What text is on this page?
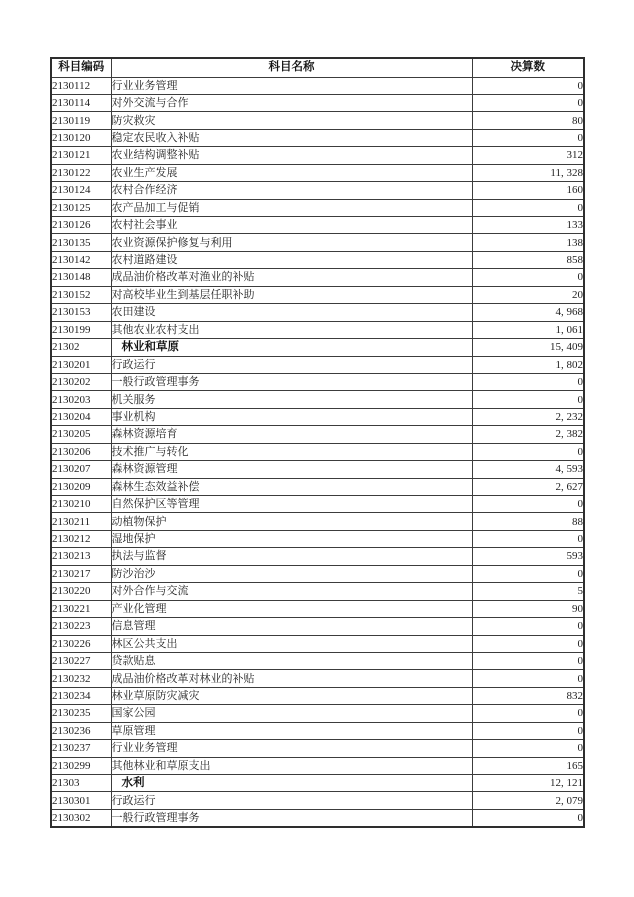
科目编码	科目名称	决算数
2130112	行业业务管理	0
2130114	对外交流与合作	0
2130119	防灾救灾	80
2130120	稳定农民收入补贴	0
2130121	农业结构调整补贴	312
2130122	农业生产发展	11, 328
2130124	农村合作经济	160
2130125	农产品加工与促销	0
2130126	农村社会事业	133
2130135	农业资源保护修复与利用	138
2130142	农村道路建设	858
2130148	成品油价格改革对渔业的补贴	0
2130152	对高校毕业生到基层任职补助	20
2130153	农田建设	4, 968
2130199	其他农业农村支出	1, 061
21302	林业和草原	15, 409
2130201	行政运行	1, 802
2130202	一般行政管理事务	0
2130203	机关服务	0
2130204	事业机构	2, 232
2130205	森林资源培育	2, 382
2130206	技术推广与转化	0
2130207	森林资源管理	4, 593
2130209	森林生态效益补偿	2, 627
2130210	自然保护区等管理	0
2130211	动植物保护	88
2130212	湿地保护	0
2130213	执法与监督	593
2130217	防沙治沙	0
2130220	对外合作与交流	5
2130221	产业化管理	90
2130223	信息管理	0
2130226	林区公共支出	0
2130227	贷款贴息	0
2130232	成品油价格改革对林业的补贴	0
2130234	林业草原防灾减灾	832
2130235	国家公园	0
2130236	草原管理	0
2130237	行业业务管理	0
2130299	其他林业和草原支出	165
21303	水利	12, 121
2130301	行政运行	2, 079
2130302	一般行政管理事务	0
